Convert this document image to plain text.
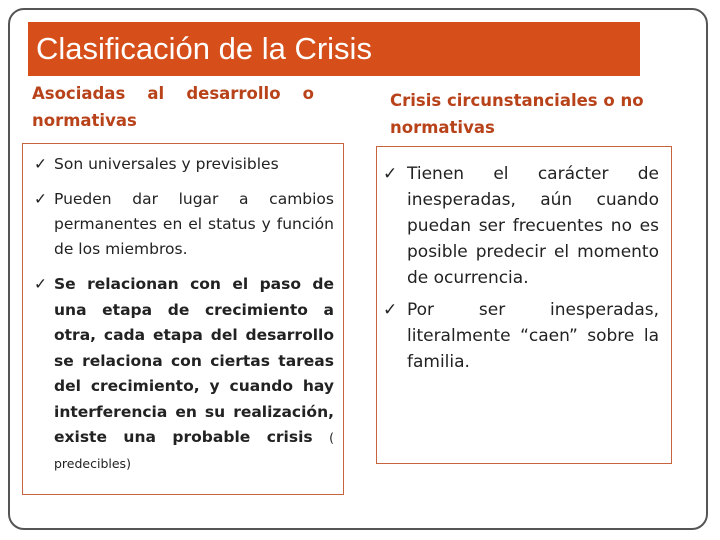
Clasificación de la Crisis
Asociadas al desarrollo o normativas
Crisis circunstanciales o no normativas
✓ Son universales y previsibles
✓ Pueden dar lugar a cambios permanentes en el status y función de los miembros.
✓ Se relacionan con el paso de una etapa de crecimiento a otra, cada etapa del desarrollo se relaciona con ciertas tareas del crecimiento, y cuando hay interferencia en su realización, existe una probable crisis ( predecibles)
✓ Tienen el carácter de inesperadas, aún cuando puedan ser frecuentes no es posible predecir el momento de ocurrencia.
✓ Por ser inesperadas, literalmente “caen” sobre la familia.
